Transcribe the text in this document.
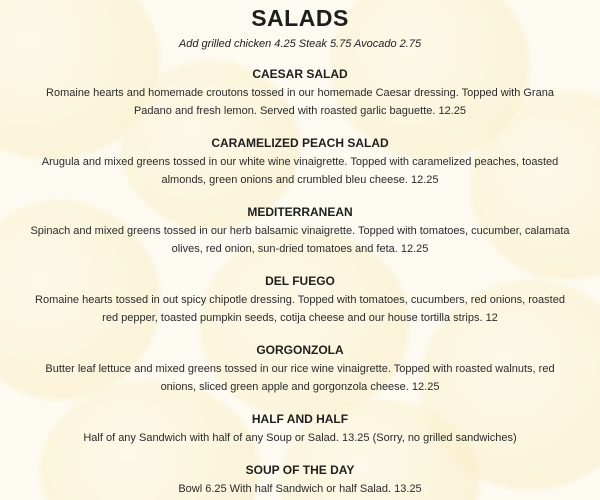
SALADS
Add grilled chicken 4.25 Steak 5.75 Avocado 2.75
CAESAR SALAD
Romaine hearts and homemade croutons tossed in our homemade Caesar dressing. Topped with Grana Padano and fresh lemon. Served with roasted garlic baguette. 12.25
CARAMELIZED PEACH SALAD
Arugula and mixed greens tossed in our white wine vinaigrette. Topped with caramelized peaches, toasted almonds, green onions and crumbled bleu cheese. 12.25
MEDITERRANEAN
Spinach and mixed greens tossed in our herb balsamic vinaigrette. Topped with tomatoes, cucumber, calamata olives, red onion, sun-dried tomatoes and feta. 12.25
DEL FUEGO
Romaine hearts tossed in out spicy chipotle dressing. Topped with tomatoes, cucumbers, red onions, roasted red pepper, toasted pumpkin seeds, cotija cheese and our house tortilla strips. 12
GORGONZOLA
Butter leaf lettuce and mixed greens tossed in our rice wine vinaigrette. Topped with roasted walnuts, red onions, sliced green apple and gorgonzola cheese. 12.25
HALF AND HALF
Half of any Sandwich with half of any Soup or Salad. 13.25 (Sorry, no grilled sandwiches)
SOUP OF THE DAY
Bowl 6.25 With half Sandwich or half Salad. 13.25
